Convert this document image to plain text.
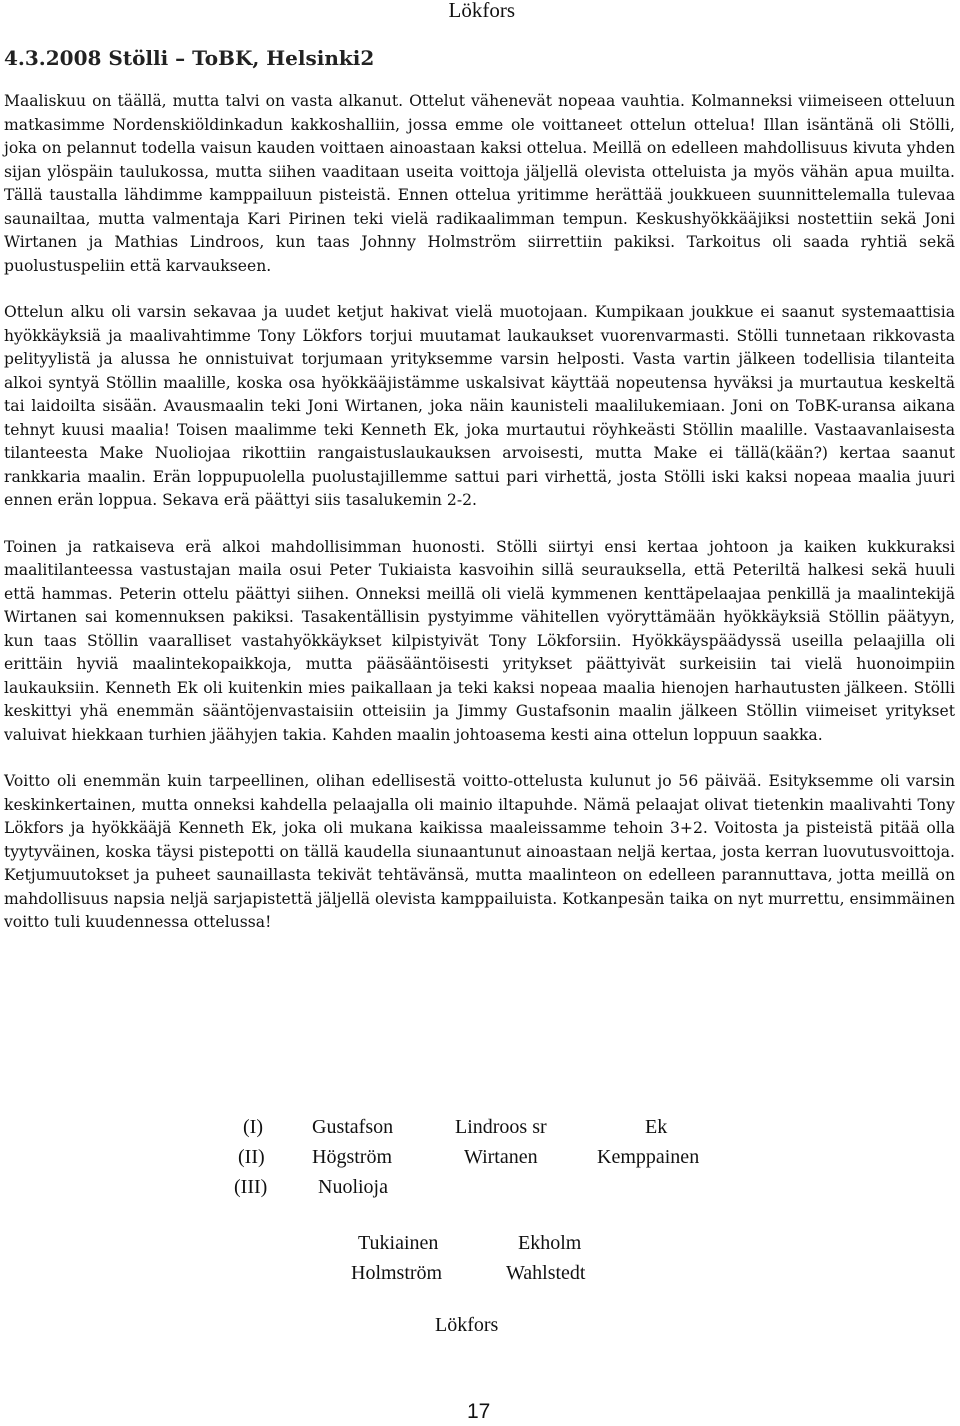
Lökfors
4.3.2008 Stölli – ToBK, Helsinki2

Maaliskuu on täällä, mutta talvi on vasta alkanut. Ottelut vähenevät nopeaa vauhtia. Kolmanneksi viimeiseen otteluun matkasimme Nordenskiöldinkadun kakkoshalliin, jossa emme ole voittaneet ottelun ottelua! Illan isäntänä oli Stölli, joka on pelannut todella vaisun kauden voittaen ainoastaan kaksi ottelua. Meillä on edelleen mahdollisuus kivuta yhden sijan ylöspäin taulukossa, mutta siihen vaaditaan useita voittoja jäljellä olevista otteluista ja myös vähän apua muilta. Tällä taustalla lähdimme kamppailuun pisteistä. Ennen ottelua yritimme herättää joukkueen suunnittelemalla tulevaa saunailtaa, mutta valmentaja Kari Pirinen teki vielä radikaalimman tempun. Keskushyökkääjiksi nostettiin sekä Joni Wirtanen ja Mathias Lindroos, kun taas Johnny Holmström siirrettiin pakiksi. Tarkoitus oli saada ryhtiä sekä puolustuspeliin että karvaukseen.

Ottelun alku oli varsin sekavaa ja uudet ketjut hakivat vielä muotojaan. Kumpikaan joukkue ei saanut systemaattisia hyökkäyksiä ja maalivahtimme Tony Lökfors torjui muutamat laukaukset vuorenvarmasti. Stölli tunnetaan rikkovasta pelityylistä ja alussa he onnistuivat torjumaan yrityksemme varsin helposti. Vasta vartin jälkeen todellisia tilanteita alkoi syntyä Stöllin maalille, koska osa hyökkääjistämme uskalsivat käyttää nopeutensa hyväksi ja murtautua keskeltä tai laidoilta sisään. Avausmaalin teki Joni Wirtanen, joka näin kaunisteli maalilukemiaan. Joni on ToBK-uransa aikana tehnyt kuusi maalia! Toisen maalimme teki Kenneth Ek, joka murtautui röyhkeästi Stöllin maalille. Vastaavanlaisesta tilanteesta Make Nuoliojaa rikottiin rangaistuslaukauksen arvoisesti, mutta Make ei tällä(kään?) kertaa saanut rankkaria maalin. Erän loppupuolella puolustajillemme sattui pari virhettä, josta Stölli iski kaksi nopeaa maalia juuri ennen erän loppua. Sekava erä päättyi siis tasalukemin 2-2.

Toinen ja ratkaiseva erä alkoi mahdollisimman huonosti. Stölli siirtyi ensi kertaa johtoon ja kaiken kukkuraksi maalitilanteessa vastustajan maila osui Peter Tukiaista kasvoihin sillä seurauksella, että Peteriltä halkesi sekä huuli että hammas. Peterin ottelu päättyi siihen. Onneksi meillä oli vielä kymmenen kenttäpelaajaa penkillä ja maalintekijä Wirtanen sai komennuksen pakiksi. Tasakentällisin pystyimme vähitellen vyöryttämään hyökkäyksiä Stöllin päätyyn, kun taas Stöllin vaaralliset vastahyökkäykset kilpistyivät Tony Lökforsiin. Hyökkäyspäädyssä useilla pelaajilla oli erittäin hyviä maalintekopaikkoja, mutta pääsääntöisesti yritykset päättyivät surkeisiin tai vielä huonoimpiin laukauksiin. Kenneth Ek oli kuitenkin mies paikallaan ja teki kaksi nopeaa maalia hienojen harhautusten jälkeen. Stölli keskittyi yhä enemmän sääntöjenvastaisiin otteisiin ja Jimmy Gustafsonin maalin jälkeen Stöllin viimeiset yritykset valuivat hiekkaan turhien jäähyjen takia. Kahden maalin johtoasema kesti aina ottelun loppuun saakka.

Voitto oli enemmän kuin tarpeellinen, olihan edellisestä voitto-ottelusta kulunut jo 56 päivää. Esityksemme oli varsin keskinkertainen, mutta onneksi kahdella pelaajalla oli mainio iltapuhde. Nämä pelaajat olivat tietenkin maalivahti Tony Lökfors ja hyökkääjä Kenneth Ek, joka oli mukana kaikissa maaleissamme tehoin 3+2. Voitosta ja pisteistä pitää olla tyytyväinen, koska täysi pistepotti on tällä kaudella siunaantunut ainoastaan neljä kertaa, josta kerran luovutusvoittoja. Ketjumuutokset ja puheet saunaillasta tekivät tehtävänsä, mutta maalinteon on edelleen parannuttava, jotta meillä on mahdollisuus napsia neljä sarjapistettä jäljellä olevista kamppailuista. Kotkanpesän taika on nyt murrettu, ensimmäinen voitto tuli kuudennessa ottelussa!

(I) Gustafson	Lindroos sr	Ek
(II) Högström	Wirtanen	Kemppainen
(III)	Nuolioja
Tukiainen	Ekholm
Holmström	Wahlstedt
Lökfors
17
